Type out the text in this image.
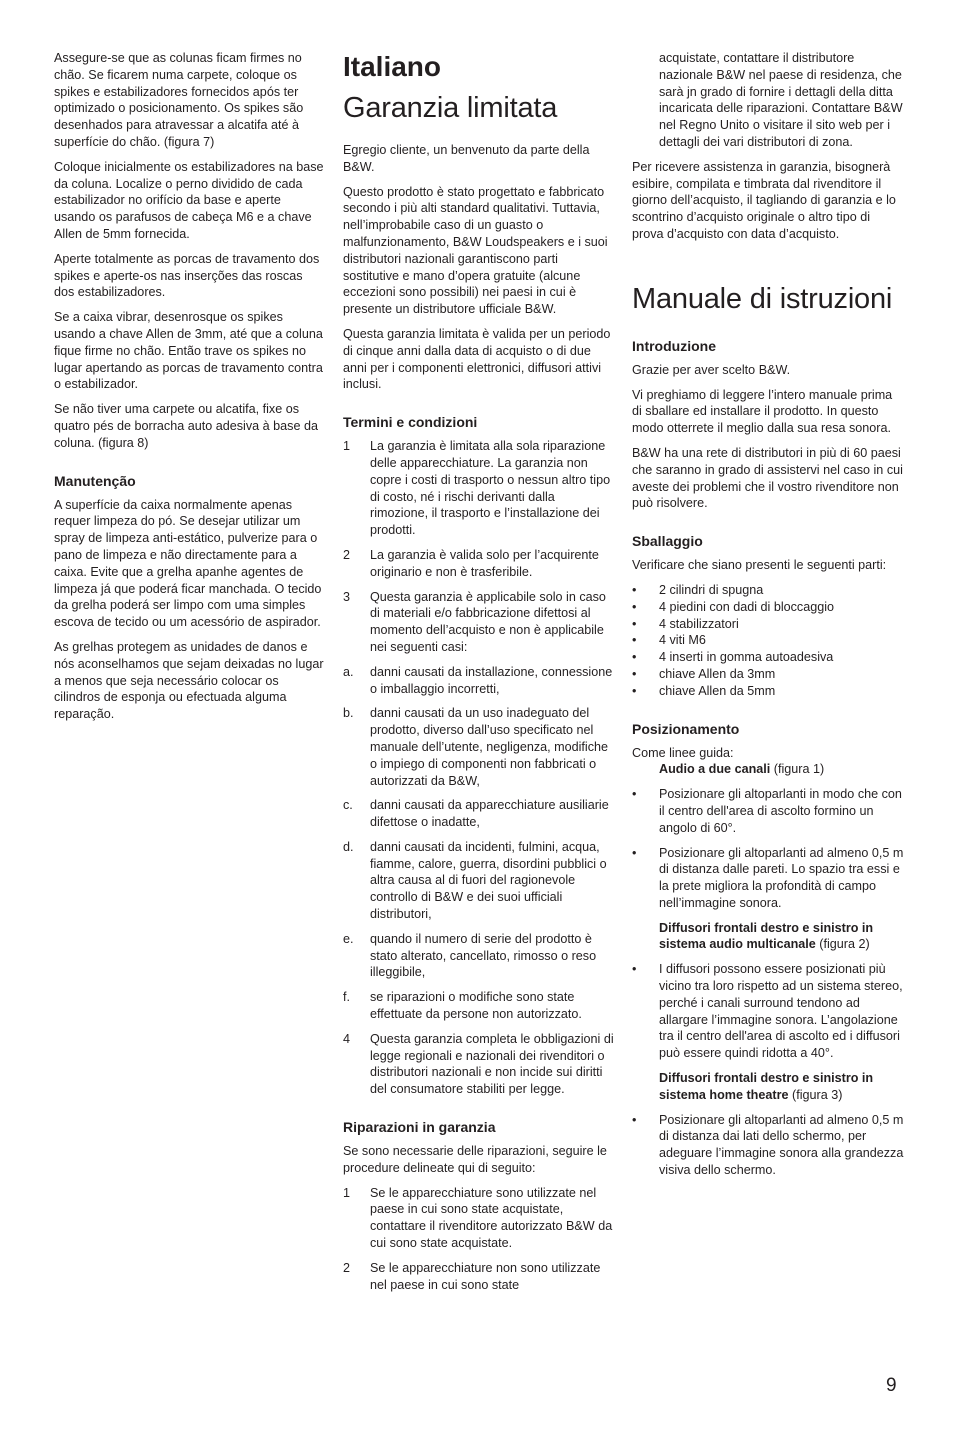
Assegure-se que as colunas ficam firmes no chão. Se ficarem numa carpete, coloque os spikes e estabilizadores fornecidos após ter optimizado o posicionamento. Os spikes são desenhados para atravessar a alcatifa até à superfície do chão. (figura 7)

Coloque inicialmente os estabilizadores na base da coluna. Localize o perno dividido de cada estabilizador no orifício da base e aperte usando os parafusos de cabeça M6 e a chave Allen de 5mm fornecida.

Aperte totalmente as porcas de travamento dos spikes e aperte-os nas inserções das roscas dos estabilizadores.

Se a caixa vibrar, desenrosque os spikes usando a chave Allen de 3mm, até que a coluna fique firme no chão. Então trave os spikes no lugar apertando as porcas de travamento contra o estabilizador.

Se não tiver uma carpete ou alcatifa, fixe os quatro pés de borracha auto adesiva à base da coluna. (figura 8)

Manutenção

A superfície da caixa normalmente apenas requer limpeza do pó. Se desejar utilizar um spray de limpeza anti-estático, pulverize para o pano de limpeza e não directamente para a caixa. Evite que a grelha apanhe agentes de limpeza já que poderá ficar manchada. O tecido da grelha poderá ser limpo com uma simples escova de tecido ou um acessório de aspirador.

As grelhas protegem as unidades de danos e nós aconselhamos que sejam deixadas no lugar a menos que seja necessário colocar os cilindros de esponja ou efectuada alguma reparação.

Italiano
Garanzia limitata

Egregio cliente, un benvenuto da parte della B&W.

Questo prodotto è stato progettato e fabbricato secondo i più alti standard qualitativi. Tuttavia, nell’improbabile caso di un guasto o malfunzionamento, B&W Loudspeakers e i suoi distributori nazionali garantiscono parti sostitutive e mano d’opera gratuite (alcune eccezioni sono possibili) nei paesi in cui è presente un distributore ufficiale B&W.

Questa garanzia limitata è valida per un periodo di cinque anni dalla data di acquisto o di due anni per i componenti elettronici, diffusori attivi inclusi.

Termini e condizioni
1 La garanzia è limitata alla sola riparazione delle apparecchiature. La garanzia non copre i costi di trasporto o nessun altro tipo di costo, né i rischi derivanti dalla rimozione, il trasporto e l’installazione dei prodotti.
2 La garanzia è valida solo per l’acquirente originario e non è trasferibile.
3 Questa garanzia è applicabile solo in caso di materiali e/o fabbricazione difettosi al momento dell’acquisto e non è applicabile nei seguenti casi:
a. danni causati da installazione, connessione o imballaggio incorretti,
b. danni causati da un uso inadeguato del prodotto, diverso dall’uso specificato nel manuale dell’utente, negligenza, modifiche o impiego di componenti non fabbricati o autorizzati da B&W,
c. danni causati da apparecchiature ausiliarie difettose o inadatte,
d. danni causati da incidenti, fulmini, acqua, fiamme, calore, guerra, disordini pubblici o altra causa al di fuori del ragionevole controllo di B&W e dei suoi ufficiali distributori,
e. quando il numero di serie del prodotto è stato alterato, cancellato, rimosso o reso illeggibile,
f. se riparazioni o modifiche sono state effettuate da persone non autorizzato.
4 Questa garanzia completa le obbligazioni di legge regionali e nazionali dei rivenditori o distributori nazionali e non incide sui diritti del consumatore stabiliti per legge.
Riparazioni in garanzia

Se sono necessarie delle riparazioni, seguire le procedure delineate qui di seguito:

1 Se le apparecchiature sono utilizzate nel paese in cui sono state acquistate, contattare il rivenditore autorizzato B&W da cui sono state acquistate.
2 Se le apparecchiature non sono utilizzate nel paese in cui sono state

acquistate, contattare il distributore nazionale B&W nel paese di residenza, che sarà jn grado di fornire i dettagli della ditta incaricata delle riparazioni. Contattare B&W nel Regno Unito o visitare il sito web per i dettagli dei vari distributori di zona.

Per ricevere assistenza in garanzia, bisognerà esibire, compilata e timbrata dal rivenditore il giorno dell’acquisto, il tagliando di garanzia e lo scontrino d’acquisto originale o altro tipo di prova d’acquisto con data d’acquisto.

Manuale di istruzioni
Introduzione

Grazie per aver scelto B&W.

Vi preghiamo di leggere l’intero manuale prima di sballare ed installare il prodotto. In questo modo otterrete il meglio dalla sua resa sonora.

B&W ha una rete di distributori in più di 60 paesi che saranno in grado di assistervi nel caso in cui aveste dei problemi che il vostro rivenditore non può risolvere.

Sballaggio

Verificare che siano presenti le seguenti parti:

• 2 cilindri di spugna
• 4 piedini con dadi di bloccaggio
• 4 stabilizzatori
• 4 viti M6
• 4 inserti in gomma autoadesiva
• chiave Allen da 3mm
• chiave Allen da 5mm
Posizionamento

Come linee guida:

Audio a due canali (figura 1)

• Posizionare gli altoparlanti in modo che con il centro dell'area di ascolto formino un angolo di 60°.
• Posizionare gli altoparlanti ad almeno 0,5 m di distanza dalle pareti. Lo spazio tra essi e la prete migliora la profondità di campo nell’immagine sonora.

Diffusori frontali destro e sinistro in sistema audio multicanale (figura 2)

• I diffusori possono essere posizionati più vicino tra loro rispetto ad un sistema stereo, perché i canali surround tendono ad allargare l’immagine sonora. L’angolazione tra il centro dell'area di ascolto ed i diffusori può essere quindi ridotta a 40°.

Diffusori frontali destro e sinistro in sistema home theatre (figura 3)

• Posizionare gli altoparlanti ad almeno 0,5 m di distanza dai lati dello schermo, per adeguare l’immagine sonora alla grandezza visiva dello schermo.
9
